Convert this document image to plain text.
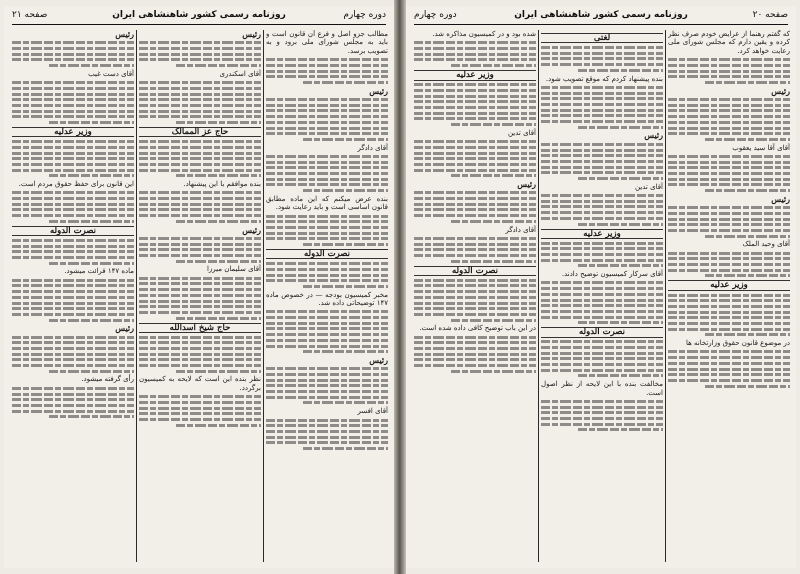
دوره چهارم
روزنامه رسمی کشور شاهنشاهی ایران
صفحه ۲۱

مطالب جزو اصل و فرع آن قانون است و باید به مجلس شورای ملی برود و به تصویب برسد.

رئیس

آقای دادگر

بنده عرض میکنم که این ماده مطابق قانون اساسی است و باید رعایت شود.

نصرت الدوله

مخبر کمیسیون بودجه — در خصوص ماده ۱۴۷ توضیحاتی داده شد.

رئیس

آقای افسر

رئیس

آقای اسکندری

حاج عز الممالک

بنده موافقم با این پیشنهاد.

رئیس

آقای سلیمان میرزا

حاج شیخ اسدالله

نظر بنده این است که لایحه به کمیسیون برگردد.

رئیس

آقای دست غیب

وزیر عدلیه

این قانون برای حفظ حقوق مردم است.

نصرت الدوله

ماده ۱۴۷ قرائت میشود.

رئیس

رأی گرفته میشود.

صفحه ۲۰
روزنامه رسمی کشور شاهنشاهی ایران
دوره چهارم

که گفتم رهنما از عرایض خودم صرف نظر کرده و یقین دارم که مجلس شورای ملی رعایت خواهد کرد.

رئیس

آقای آقا سید یعقوب

رئیس

آقای وحید الملک

وزیر عدلیه

در موضوع قانون حقوق وزارتخانه ها

لغتی

بنده پیشنهاد کردم که موقع تصویب شود.

رئیس

آقای تدین

وزیر عدلیه

آقای سرکار کمیسیون توضیح دادند.

نصرت الدوله

مخالفت بنده با این لایحه از نظر اصول است.

شده بود و در کمیسیون مذاکره شد.

وزیر عدلیه

آقای تدین

رئیس

آقای دادگر

نصرت الدوله

در این باب توضیح کافی داده شده است.
